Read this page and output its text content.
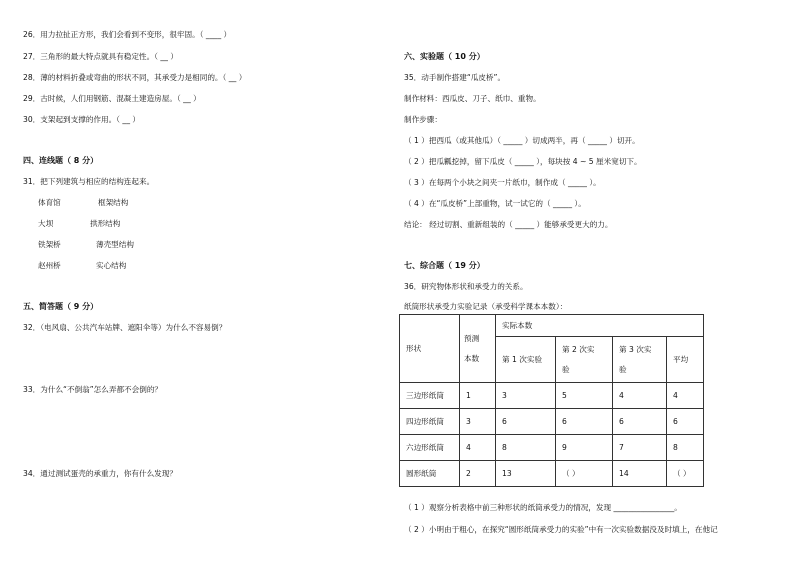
26．用力拉扯正方形，我们会看到不变形，很牢固。（ ____ ）
27．三角形的最大特点就具有稳定性。（ __ ）
28．薄的材料折叠或弯曲的形状不同，其承受力是相同的。（ __ ）
29．古时候，人们用钢筋、混凝土建造房屋。（ __ ）
30．支架起到支撑的作用。（ __ ）
四、连线题（ 8 分）
31．把下列建筑与相应的结构连起来。
体育馆
大坝
铁架桥
赵州桥
框架结构
拱形结构
薄壳型结构
实心结构
五、简答题（ 9 分）
32．（电风扇、公共汽车站牌、遮阳伞等）为什么不容易倒？
33．为什么“不倒翁”怎么弄都不会倒的？
34．通过测试蛋壳的承重力，你有什么发现？
六、实验题（ 10 分）
35．动手制作搭建“瓜皮桥”。
制作材料：西瓜皮、刀子、纸巾、重物。
制作步骤：
（ 1 ）把西瓜（或其他瓜）（ _____ ）切成两半，再（ _____ ）切开。
（ 2 ）把瓜瓤挖掉，留下瓜皮（ _____ ），每块按 4 ~ 5 厘米宽切下。
（ 3 ）在每两个小块之间夹一片纸巾，制作成（ _____ ）。
（ 4 ）在“瓜皮桥”上部重物，试一试它的（ _____ ）。
结论： 经过切割、重新组装的（ _____ ）能够承受更大的力。
七、综合题（ 19 分）
36．研究物体形状和承受力的关系。
纸筒形状承受力实验记录（承受科学课本本数）：
形状	预测本数	实际本数			
		第 1 次实验	第 2 次实验	第 3 次实验	平均

三边形纸筒	1	3	5	4	4
四边形纸筒	3	6	6	6	6
六边形纸筒	4	8	9	7	8
圆形纸筒	2	13	（ ）	14	（ ）
（ 1 ）观察分析表格中前三种形状的纸筒承受力的情况，发现 ________________。
（ 2 ）小明由于粗心，在探究“圆形纸筒承受力的实验”中有一次实验数据没及时填上，在他记
